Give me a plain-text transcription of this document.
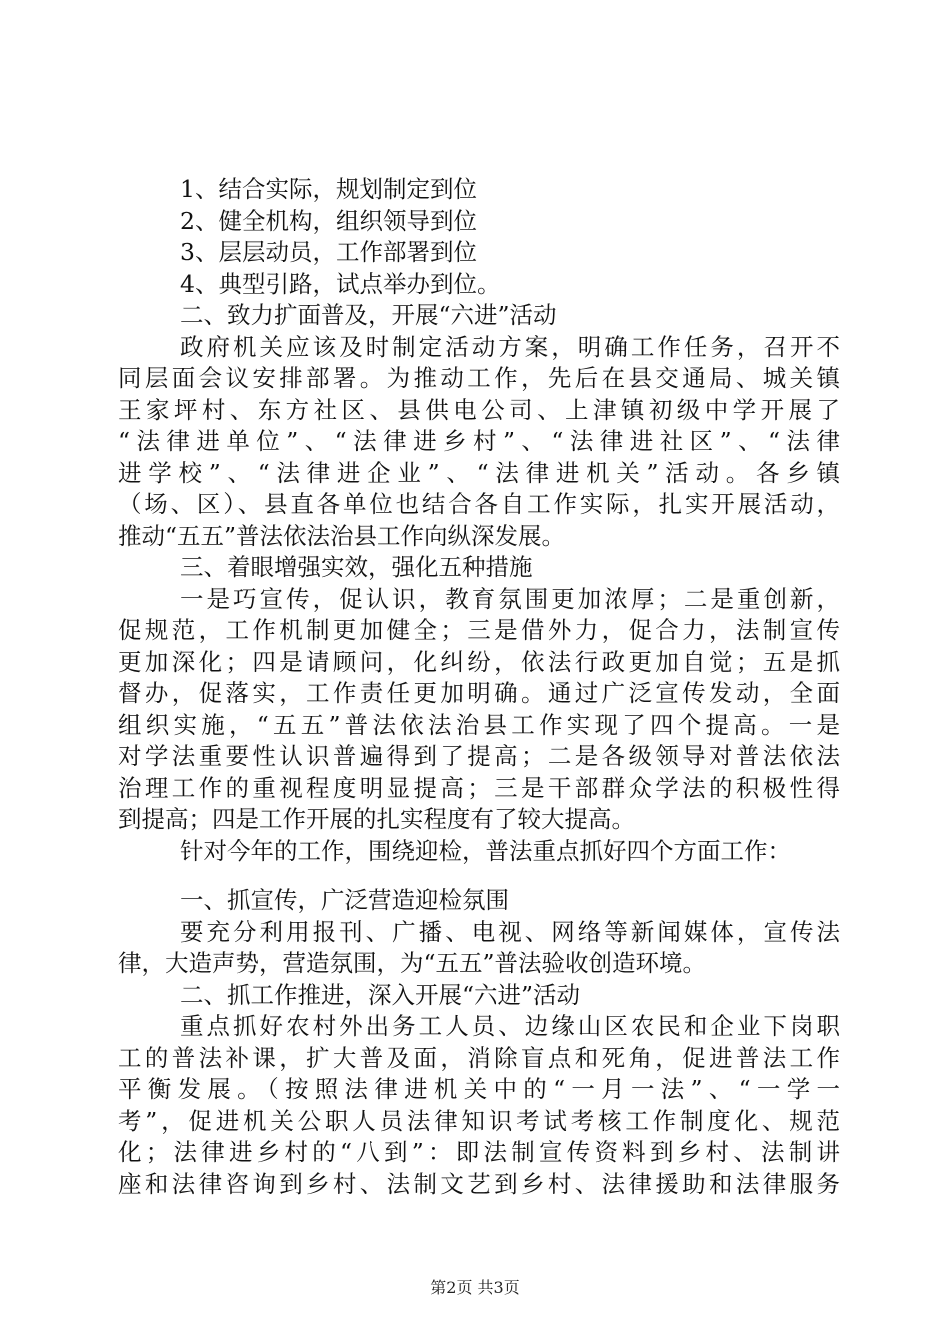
1、结合实际，规划制定到位
2、健全机构，组织领导到位
3、层层动员，工作部署到位
4、典型引路，试点举办到位。
二、致力扩面普及，开展“六进”活动
政府机关应该及时制定活动方案，明确工作任务，召开不
同层面会议安排部署。为推动工作，先后在县交通局、城关镇
王家坪村、东方社区、县供电公司、上津镇初级中学开展了
“法律进单位”、“法律进乡村”、“法律进社区”、“法律
进学校”、“法律进企业”、“法律进机关”活动。各乡镇
（场、区）、县直各单位也结合各自工作实际，扎实开展活动，
推动“五五”普法依法治县工作向纵深发展。
三、着眼增强实效，强化五种措施
一是巧宣传，促认识，教育氛围更加浓厚；二是重创新，
促规范，工作机制更加健全；三是借外力，促合力，法制宣传
更加深化；四是请顾问，化纠纷，依法行政更加自觉；五是抓
督办，促落实，工作责任更加明确。通过广泛宣传发动，全面
组织实施，“五五”普法依法治县工作实现了四个提高。一是
对学法重要性认识普遍得到了提高；二是各级领导对普法依法
治理工作的重视程度明显提高；三是干部群众学法的积极性得
到提高；四是工作开展的扎实程度有了较大提高。
针对今年的工作，围绕迎检，普法重点抓好四个方面工作：
一、抓宣传，广泛营造迎检氛围
要充分利用报刊、广播、电视、网络等新闻媒体，宣传法
律，大造声势，营造氛围，为“五五”普法验收创造环境。
二、抓工作推进，深入开展“六进”活动
重点抓好农村外出务工人员、边缘山区农民和企业下岗职
工的普法补课，扩大普及面，消除盲点和死角，促进普法工作
平衡发展。（按照法律进机关中的“一月一法”、“一学一
考”，促进机关公职人员法律知识考试考核工作制度化、规范
化；法律进乡村的“八到”：即法制宣传资料到乡村、法制讲
座和法律咨询到乡村、法制文艺到乡村、法律援助和法律服务
第2页 共3页
